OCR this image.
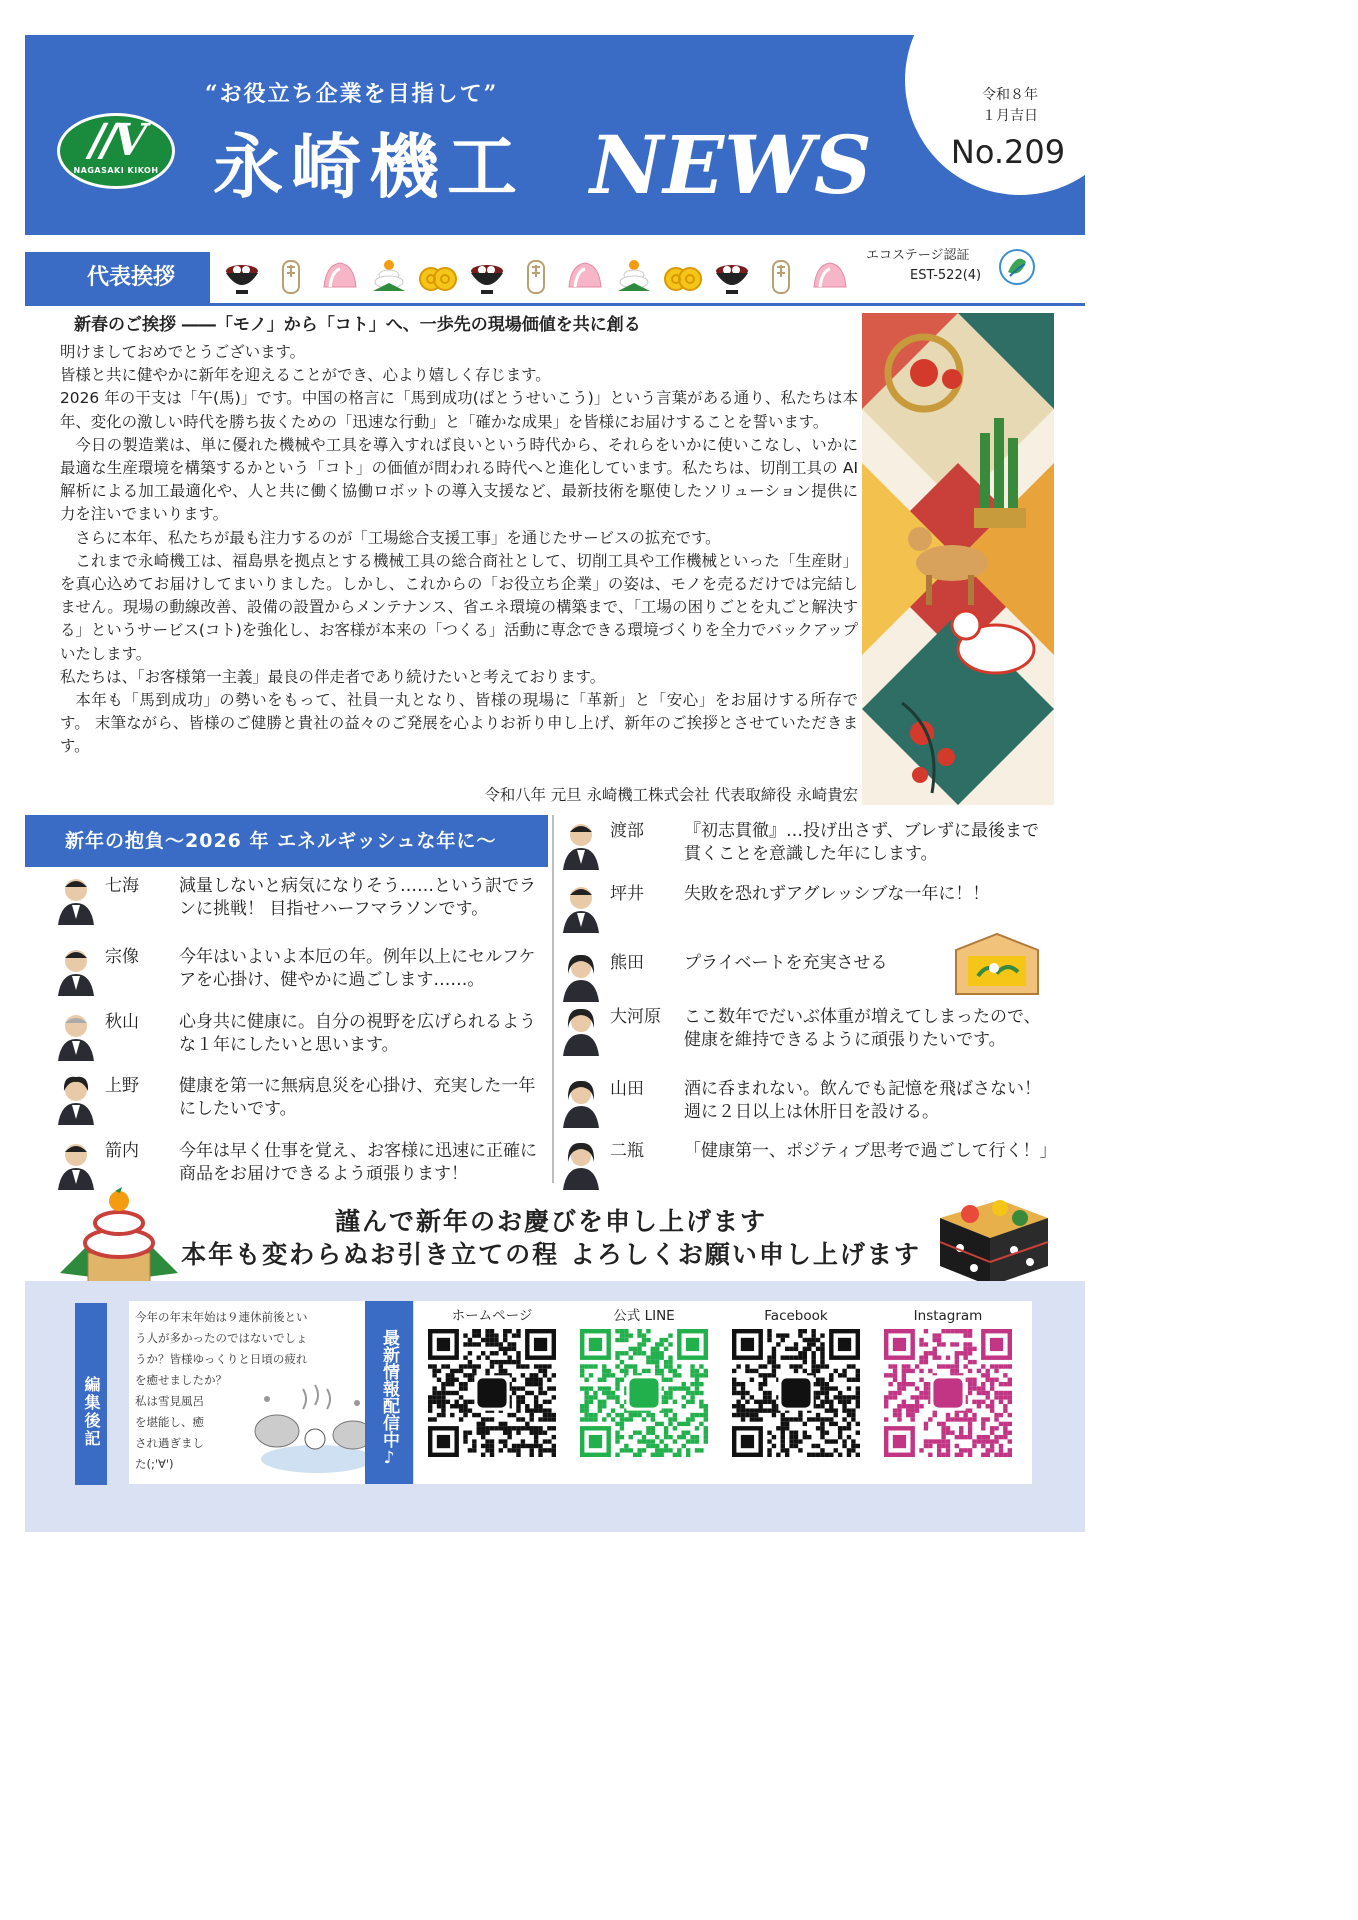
//V
NAGASAKI KIKOH
“お役立ち企業を目指して”
永崎機工 NEWS
令和８年
１月吉日
No.209
代表挨拶
エコステージ認証
EST-522(4)
新春のご挨拶 ――「モノ」から「コト」へ、一歩先の現場価値を共に創る

明けましておめでとうございます。

皆様と共に健やかに新年を迎えることができ、心より嬉しく存じます。

2026 年の干支は「午(馬)」です。中国の格言に「馬到成功(ばとうせいこう)」という言葉がある通り、私たちは本年、変化の激しい時代を勝ち抜くための「迅速な行動」と「確かな成果」を皆様にお届けすることを誓います。

今日の製造業は、単に優れた機械や工具を導入すれば良いという時代から、それらをいかに使いこなし、いかに最適な生産環境を構築するかという「コト」の価値が問われる時代へと進化しています。私たちは、切削工具の AI 解析による加工最適化や、人と共に働く協働ロボットの導入支援など、最新技術を駆使したソリューション提供に力を注いでまいります。

さらに本年、私たちが最も注力するのが「工場総合支援工事」を通じたサービスの拡充です。

これまで永崎機工は、福島県を拠点とする機械工具の総合商社として、切削工具や工作機械といった「生産財」を真心込めてお届けしてまいりました。しかし、これからの「お役立ち企業」の姿は、モノを売るだけでは完結しません。現場の動線改善、設備の設置からメンテナンス、省エネ環境の構築まで、「工場の困りごとを丸ごと解決する」というサービス(コト)を強化し、お客様が本来の「つくる」活動に専念できる環境づくりを全力でバックアップいたします。

私たちは、「お客様第一主義」最良の伴走者であり続けたいと考えております。

本年も「馬到成功」の勢いをもって、社員一丸となり、皆様の現場に「革新」と「安心」をお届けする所存です。 末筆ながら、皆様のご健勝と貴社の益々のご発展を心よりお祈り申し上げ、新年のご挨拶とさせていただきます。

令和八年 元旦 永崎機工株式会社 代表取締役 永崎貴宏
新年の抱負～2026 年 エネルギッシュな年に～
七海 減量しないと病気になりそう……という訳でランに挑戦！ 目指せハーフマラソンです。
宗像 今年はいよいよ本厄の年。例年以上にセルフケアを心掛け、健やかに過ごします……。
秋山 心身共に健康に。自分の視野を広げられるような１年にしたいと思います。
上野 健康を第一に無病息災を心掛け、充実した一年にしたいです。
箭内 今年は早く仕事を覚え、お客様に迅速に正確に商品をお届けできるよう頑張ります！
渡部 『初志貫徹』…投げ出さず、ブレずに最後まで貫くことを意識した年にします。
坪井 失敗を恐れずアグレッシブな一年に！！
熊田 プライベートを充実させる
大河原 ここ数年でだいぶ体重が増えてしまったので、健康を維持できるように頑張りたいです。
山田 酒に呑まれない。飲んでも記憶を飛ばさない！ 週に２日以上は休肝日を設ける。
二瓶 「健康第一、ポジティブ思考で過ごして行く！」
謹んで新年のお慶びを申し上げます
本年も変わらぬお引き立ての程 よろしくお願い申し上げます
編集後記
今年の年末年始は９連休前後とい
う人が多かったのではないでしょ
うか？皆様ゆっくりと日頃の疲れ
を癒せましたか？
私は雪見風呂
を堪能し、癒
され過ぎまし
た(;'∀')	最新情報配信中♪
ホームページ	公式 LINE	Facebook	Instagram
